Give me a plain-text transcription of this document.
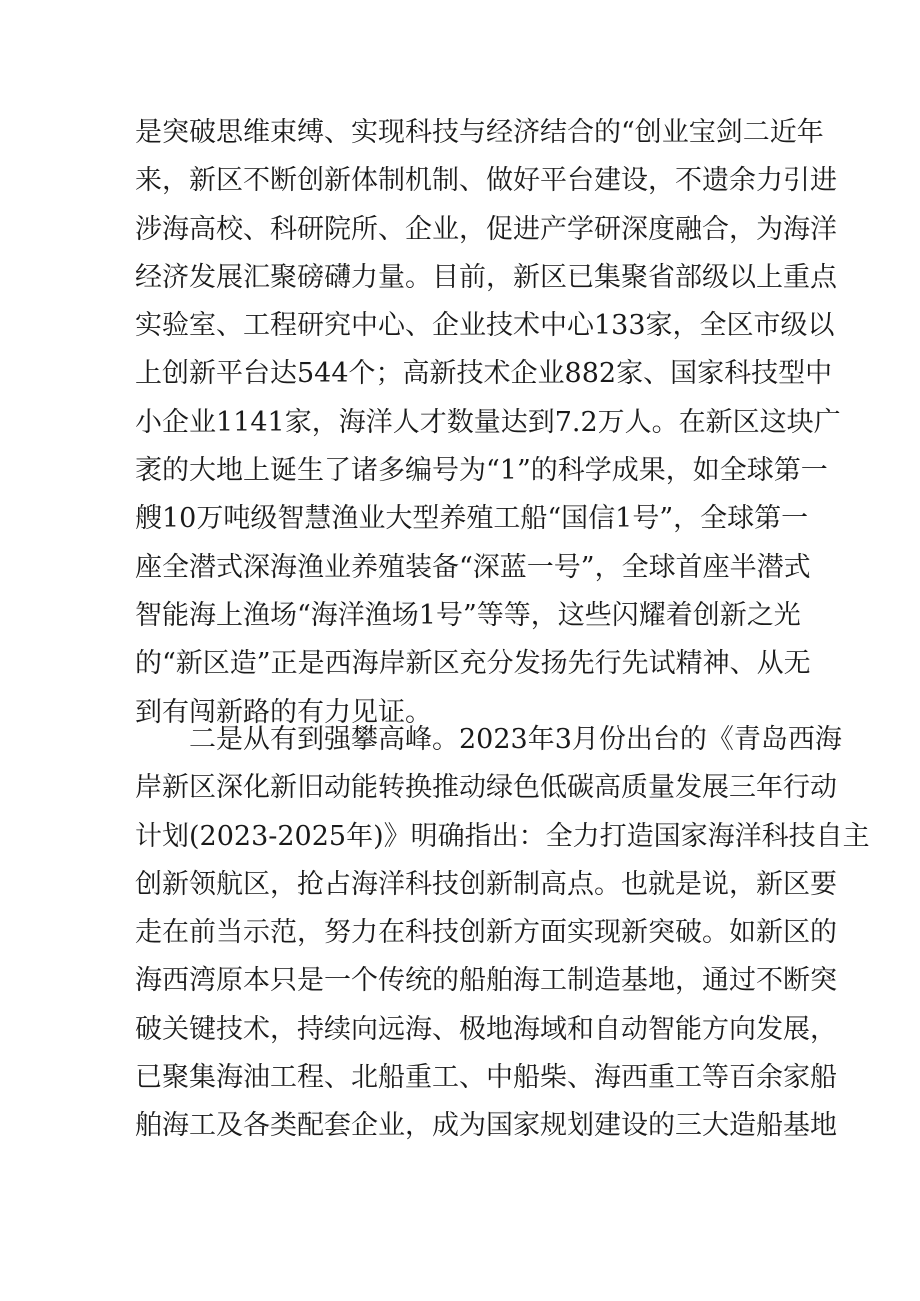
是突破思维束缚、实现科技与经济结合的“创业宝剑二近年
来，新区不断创新体制机制、做好平台建设，不遗余力引进
涉海高校、科研院所、企业，促进产学研深度融合，为海洋
经济发展汇聚磅礴力量。目前，新区已集聚省部级以上重点
实验室、工程研究中心、企业技术中心133家，全区市级以
上创新平台达544个；高新技术企业882家、国家科技型中
小企业1141家，海洋人才数量达到7.2万人。在新区这块广
袤的大地上诞生了诸多编号为“1”的科学成果，如全球第一
艘10万吨级智慧渔业大型养殖工船“国信1号”，全球第一
座全潜式深海渔业养殖装备“深蓝一号”，全球首座半潜式
智能海上渔场“海洋渔场1号”等等，这些闪耀着创新之光
的“新区造”正是西海岸新区充分发扬先行先试精神、从无
到有闯新路的有力见证。
二是从有到强攀高峰。2023年3月份出台的《青岛西海
岸新区深化新旧动能转换推动绿色低碳高质量发展三年行动
计划(2023-2025年)》明确指出：全力打造国家海洋科技自主
创新领航区，抢占海洋科技创新制高点。也就是说，新区要
走在前当示范，努力在科技创新方面实现新突破。如新区的
海西湾原本只是一个传统的船舶海工制造基地，通过不断突
破关键技术，持续向远海、极地海域和自动智能方向发展，
已聚集海油工程、北船重工、中船柴、海西重工等百余家船
舶海工及各类配套企业，成为国家规划建设的三大造船基地
